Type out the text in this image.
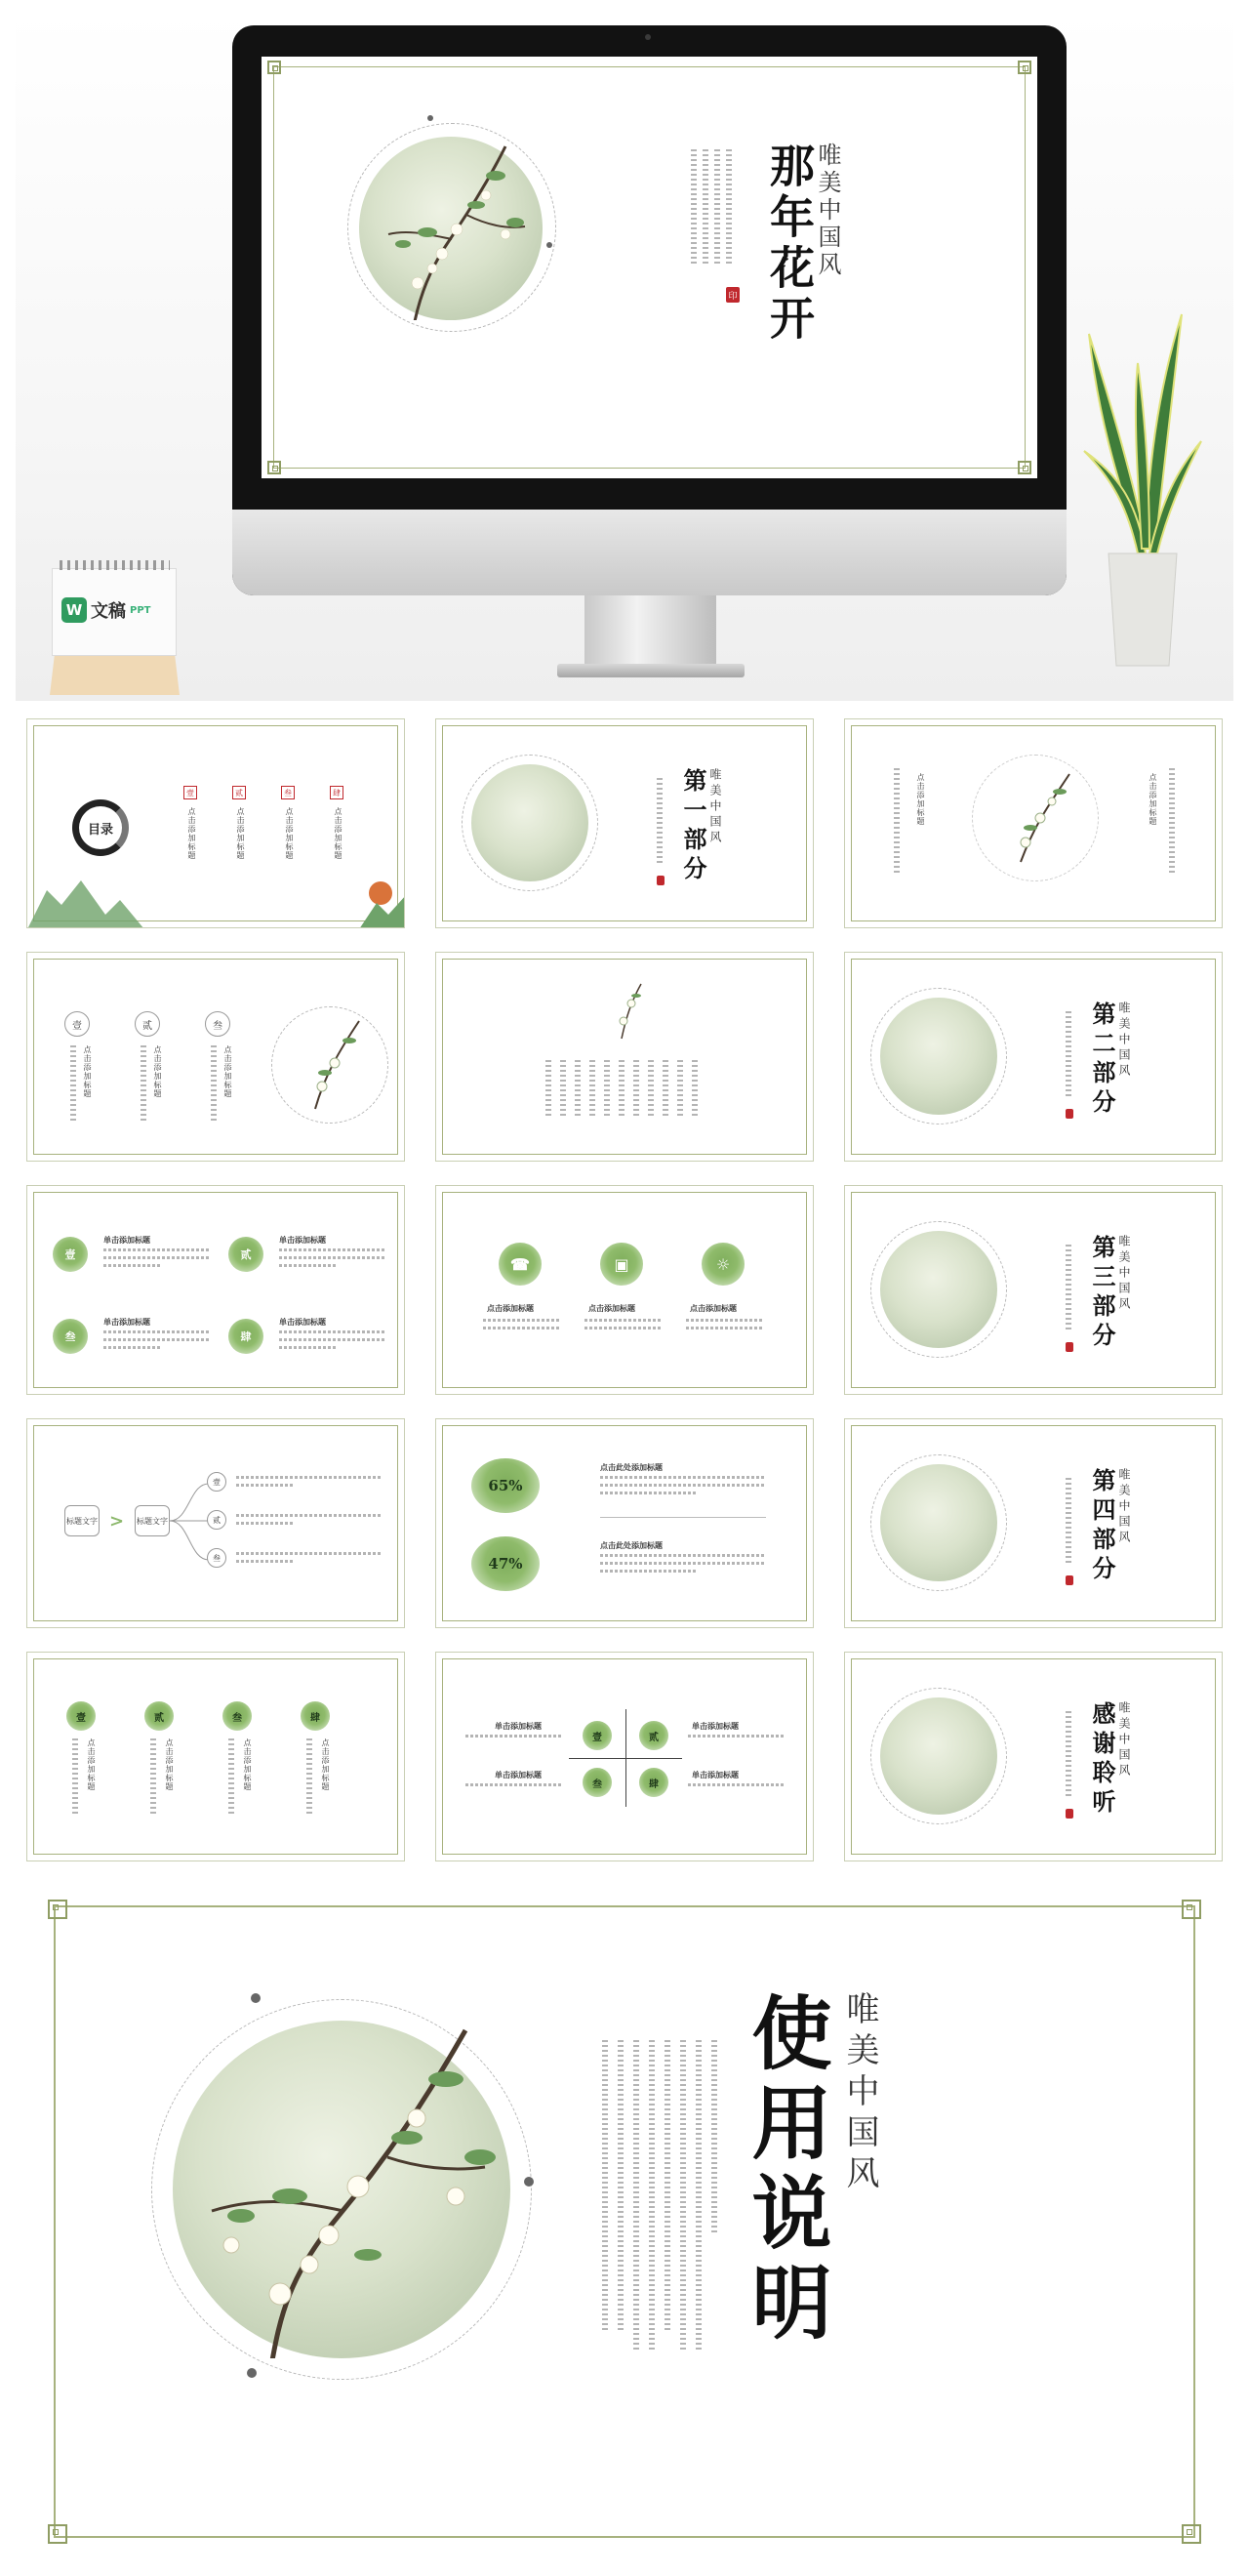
唯美中国风
那年花开
印
W 文稿 PPT
目录
壹	贰	叁	肆
点击添加标题	点击添加标题	点击添加标题	点击添加标题	第一部分 唯美中国风	点击添加标题	点击添加标题
壹	贰	叁
点击添加标题	点击添加标题	点击添加标题	第二部分 唯美中国风
壹	贰
叁	肆
单击添加标题	单击添加标题
单击添加标题	单击添加标题
☎	▣	☼
点击添加标题	点击添加标题	点击添加标题	第三部分 唯美中国风
标题文字 > 标题文字
壹
贰
叁
65%
47%
点击此处添加标题
点击此处添加标题	第四部分 唯美中国风
壹	贰	叁	肆
点击添加标题	点击添加标题	点击添加标题	点击添加标题
壹	贰
叁	肆
单击添加标题	单击添加标题
单击添加标题	单击添加标题	感谢聆听 唯美中国风
唯美中国风
使用说明
